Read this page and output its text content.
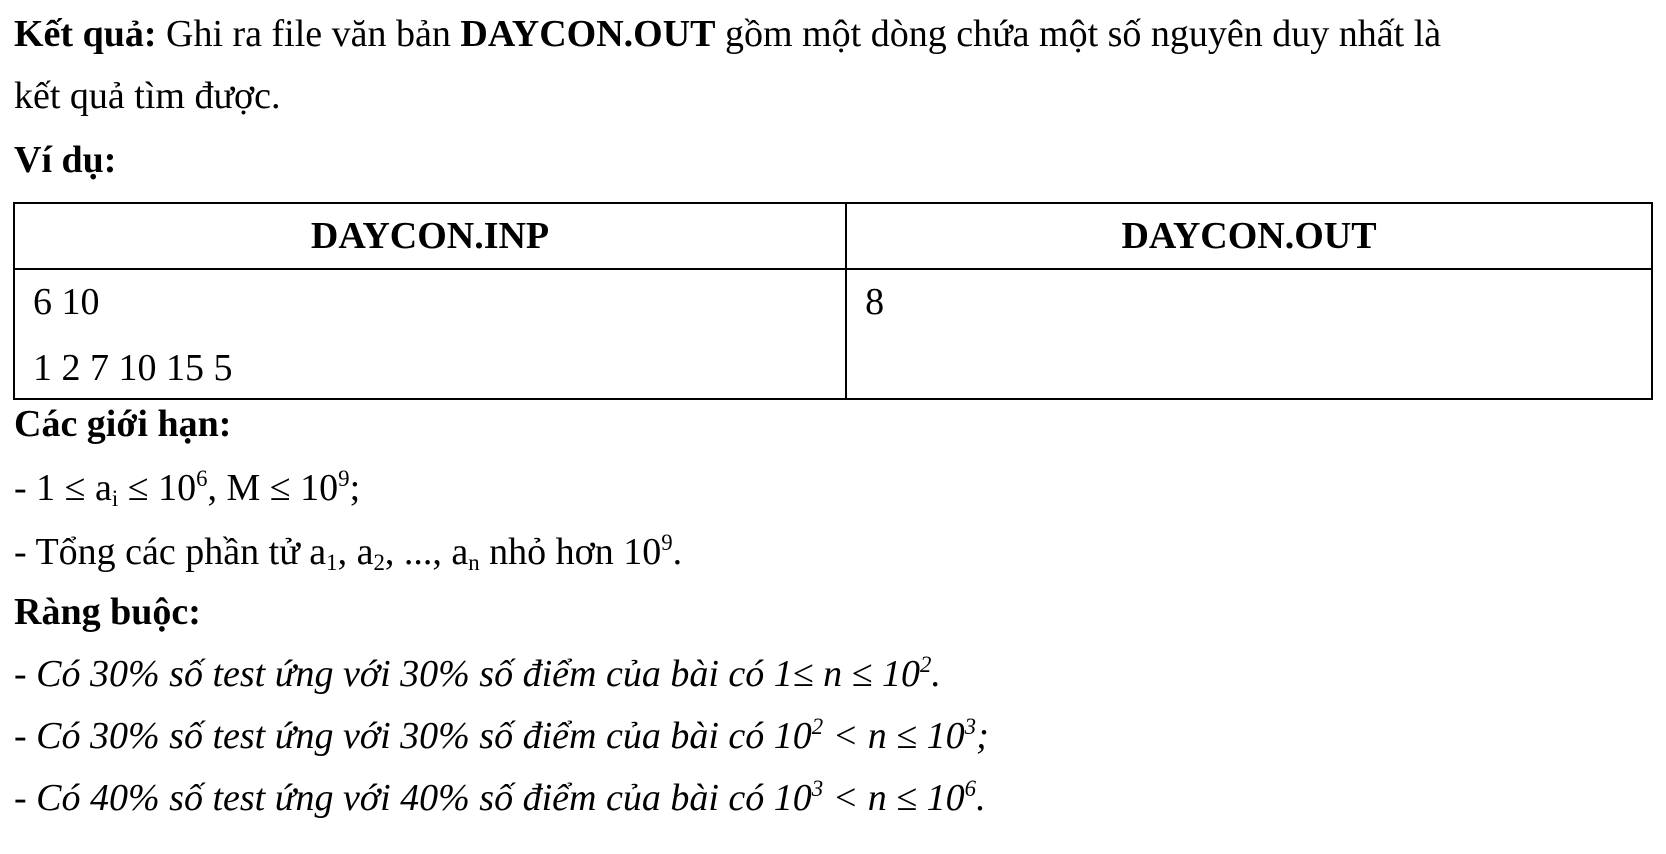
Kết quả: Ghi ra file văn bản DAYCON.OUT gồm một dòng chứa một số nguyên duy nhất là
kết quả tìm được.
Ví dụ:
DAYCON.INP	DAYCON.OUT

6 10
1 2 7 10 15 5	8
Các giới hạn:
- $1 \le a_i \le 10^6$, $M \le 10^9$;
- Tổng các phần tử $a_1$, $a_2$, ..., $a_n$ nhỏ hơn $10^9$.
Ràng buộc:
- Có 30% số test ứng với 30% số điểm của bài có $1\le n \le 10^2$.
- Có 30% số test ứng với 30% số điểm của bài có $10^2 < n \le 10^3$;
- Có 40% số test ứng với 40% số điểm của bài có $10^3 < n \le 10^6$.
